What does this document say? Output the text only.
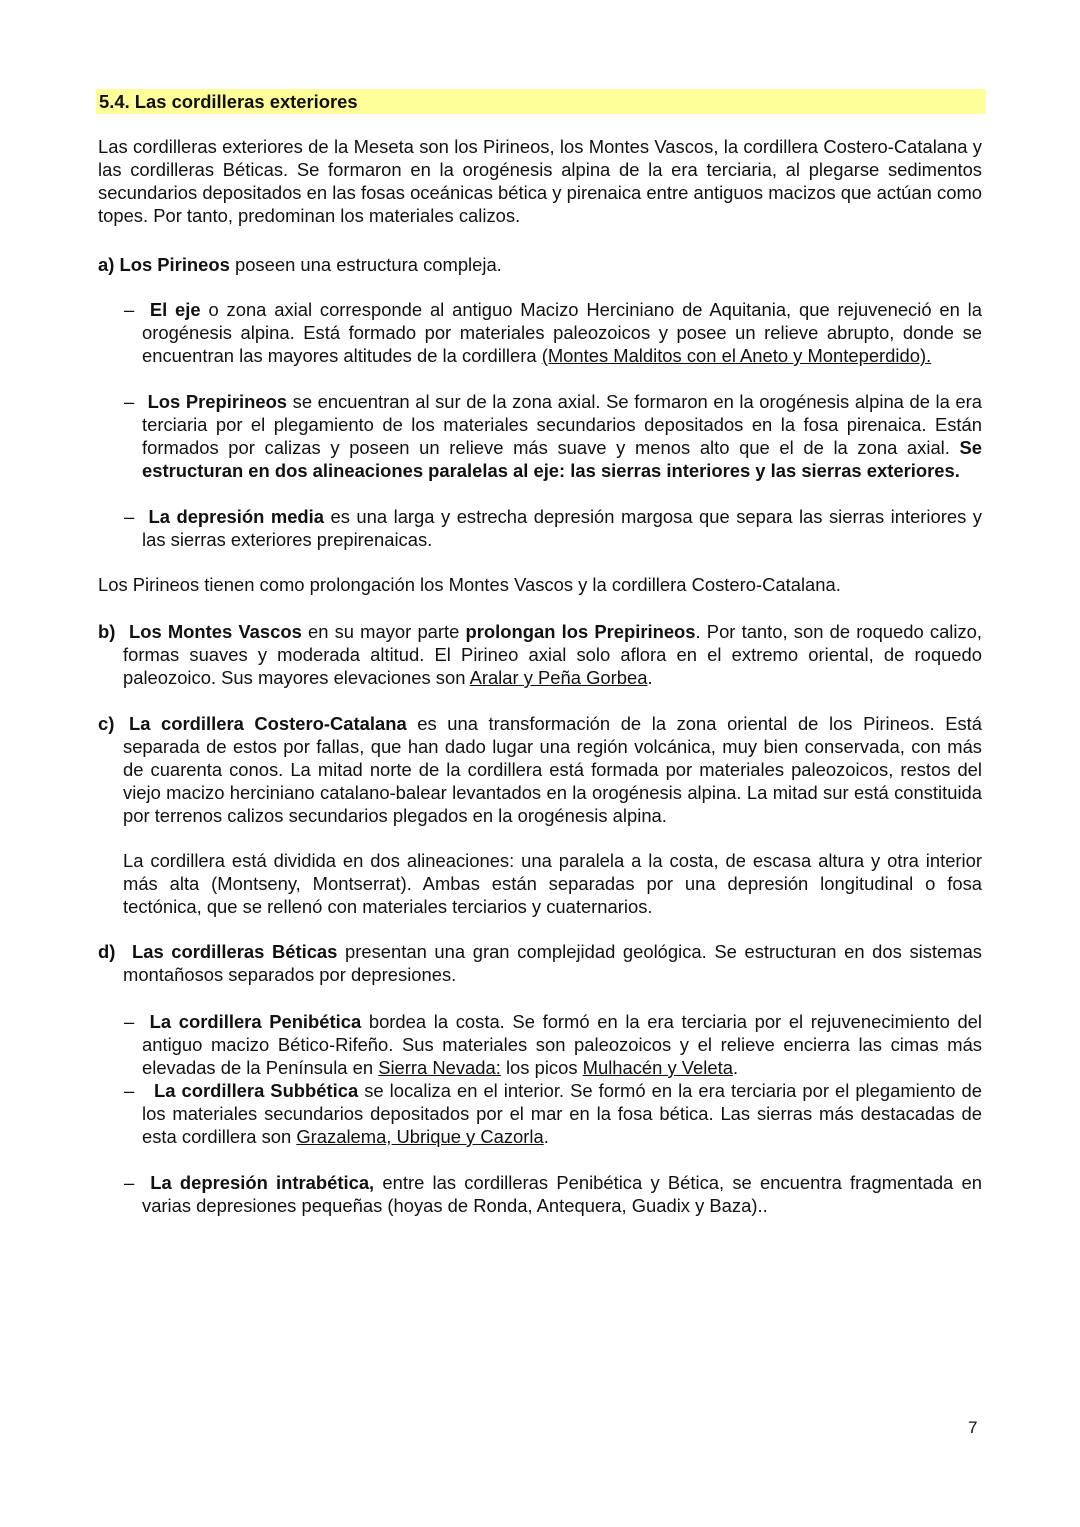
5.4. Las cordilleras exteriores

Las cordilleras exteriores de la Meseta son los Pirineos, los Montes Vascos, la cordillera Costero-Catalana y las cordilleras Béticas. Se formaron en la orogénesis alpina de la era terciaria, al plegarse sedimentos secundarios depositados en las fosas oceánicas bética y pirenaica entre antiguos macizos que actúan como topes. Por tanto, predominan los materiales calizos.

a) Los Pirineos poseen una estructura compleja.

– El eje o zona axial corresponde al antiguo Macizo Herciniano de Aquitania, que rejuveneció en la orogénesis alpina. Está formado por materiales paleozoicos y posee un relieve abrupto, donde se encuentran las mayores altitudes de la cordillera (Montes Malditos con el Aneto y Monteperdido).

– Los Prepirineos se encuentran al sur de la zona axial. Se formaron en la orogénesis alpina de la era terciaria por el plegamiento de los materiales secundarios depositados en la fosa pirenaica. Están formados por calizas y poseen un relieve más suave y menos alto que el de la zona axial. Se estructuran en dos alineaciones paralelas al eje: las sierras interiores y las sierras exteriores.

– La depresión media es una larga y estrecha depresión margosa que separa las sierras interiores y las sierras exteriores prepirenaicas.

Los Pirineos tienen como prolongación los Montes Vascos y la cordillera Costero-Catalana.

b) Los Montes Vascos en su mayor parte prolongan los Prepirineos. Por tanto, son de roquedo calizo, formas suaves y moderada altitud. El Pirineo axial solo aflora en el extremo oriental, de roquedo paleozoico. Sus mayores elevaciones son Aralar y Peña Gorbea.

c) La cordillera Costero-Catalana es una transformación de la zona oriental de los Pirineos. Está separada de estos por fallas, que han dado lugar una región volcánica, muy bien conservada, con más de cuarenta conos. La mitad norte de la cordillera está formada por materiales paleozoicos, restos del viejo macizo herciniano catalano-balear levantados en la orogénesis alpina. La mitad sur está constituida por terrenos calizos secundarios plegados en la orogénesis alpina.

La cordillera está dividida en dos alineaciones: una paralela a la costa, de escasa altura y otra interior más alta (Montseny, Montserrat). Ambas están separadas por una depresión longitudinal o fosa tectónica, que se rellenó con materiales terciarios y cuaternarios.

d) Las cordilleras Béticas presentan una gran complejidad geológica. Se estructuran en dos sistemas montañosos separados por depresiones.

– La cordillera Penibética bordea la costa. Se formó en la era terciaria por el rejuvenecimiento del antiguo macizo Bético-Rifeño. Sus materiales son paleozoicos y el relieve encierra las cimas más elevadas de la Península en Sierra Nevada: los picos Mulhacén y Veleta.

–	La cordillera Subbética se localiza en el interior. Se formó en la era terciaria por el plegamiento de los materiales secundarios depositados por el mar en la fosa bética. Las sierras más destacadas de esta cordillera son Grazalema, Ubrique y Cazorla.

– La depresión intrabética, entre las cordilleras Penibética y Bética, se encuentra fragmentada en varias depresiones pequeñas (hoyas de Ronda, Antequera, Guadix y Baza)..

7
